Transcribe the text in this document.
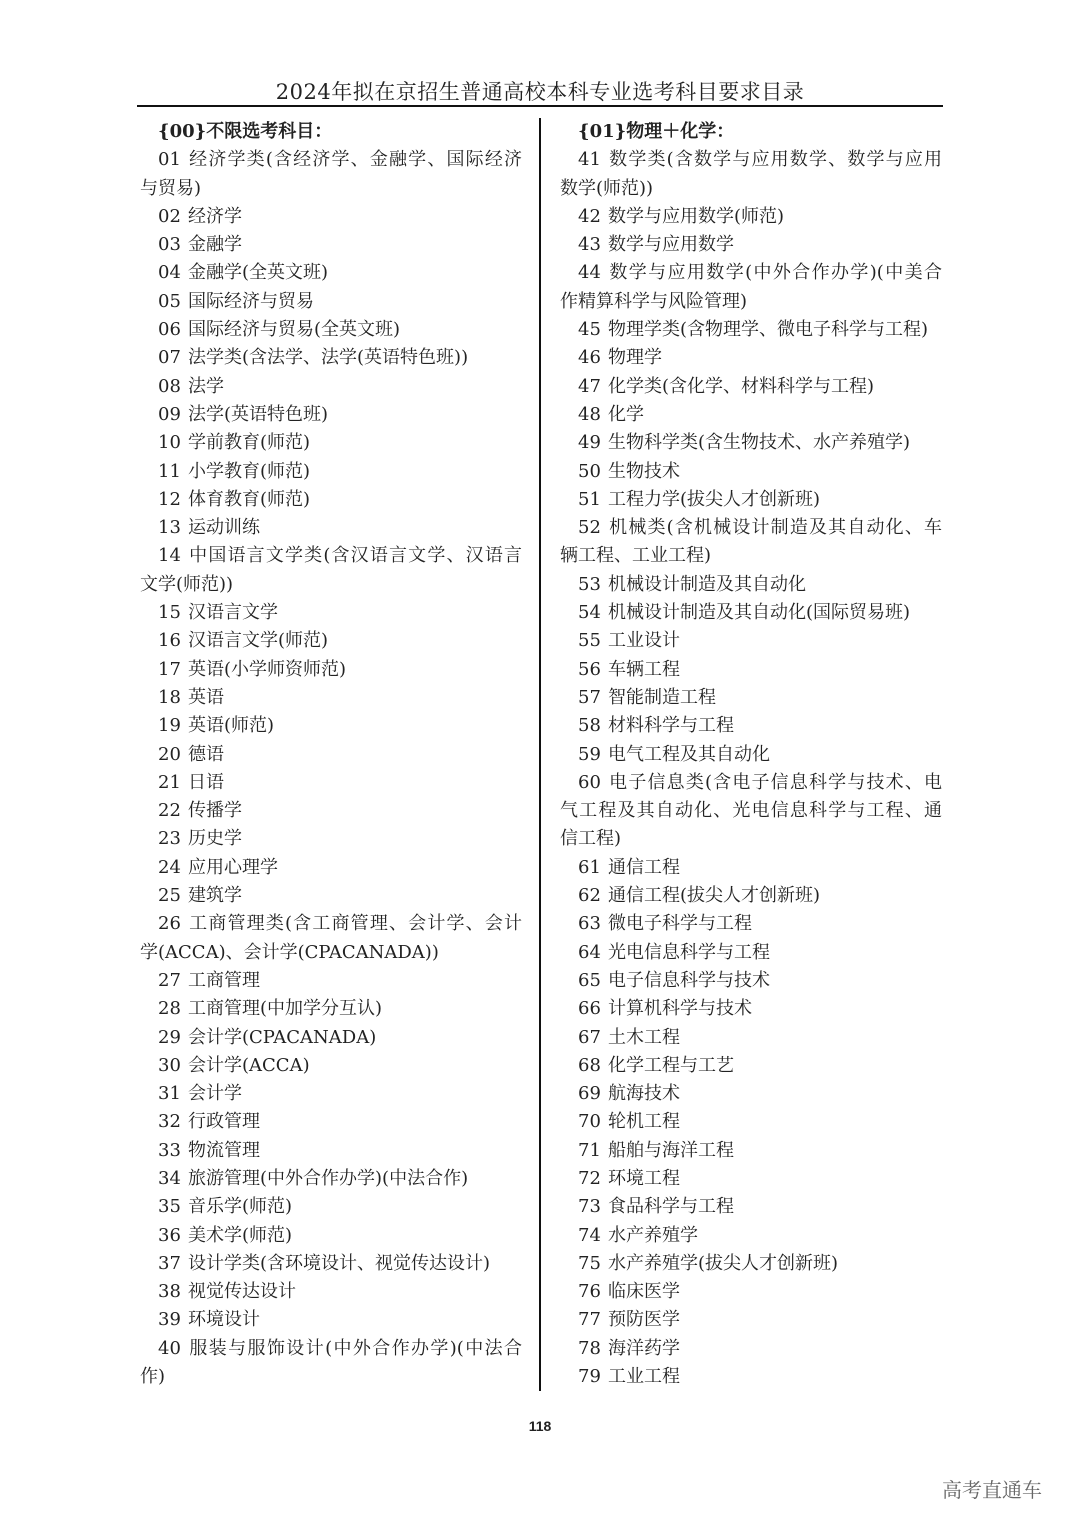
2024年拟在京招生普通高校本科专业选考科目要求目录
{00}不限选考科目：
01 经济学类(含经济学、金融学、国际经济
与贸易)
02 经济学
03 金融学
04 金融学(全英文班)
05 国际经济与贸易
06 国际经济与贸易(全英文班)
07 法学类(含法学、法学(英语特色班))
08 法学
09 法学(英语特色班)
10 学前教育(师范)
11 小学教育(师范)
12 体育教育(师范)
13 运动训练
14 中国语言文学类(含汉语言文学、汉语言
文学(师范))
15 汉语言文学
16 汉语言文学(师范)
17 英语(小学师资师范)
18 英语
19 英语(师范)
20 德语
21 日语
22 传播学
23 历史学
24 应用心理学
25 建筑学
26 工商管理类(含工商管理、会计学、会计
学(ACCA)、会计学(CPACANADA))
27 工商管理
28 工商管理(中加学分互认)
29 会计学(CPACANADA)
30 会计学(ACCA)
31 会计学
32 行政管理
33 物流管理
34 旅游管理(中外合作办学)(中法合作)
35 音乐学(师范)
36 美术学(师范)
37 设计学类(含环境设计、视觉传达设计)
38 视觉传达设计
39 环境设计
40 服装与服饰设计(中外合作办学)(中法合
作)
{01}物理＋化学：
41 数学类(含数学与应用数学、数学与应用
数学(师范))
42 数学与应用数学(师范)
43 数学与应用数学
44 数学与应用数学(中外合作办学)(中美合
作精算科学与风险管理)
45 物理学类(含物理学、微电子科学与工程)
46 物理学
47 化学类(含化学、材料科学与工程)
48 化学
49 生物科学类(含生物技术、水产养殖学)
50 生物技术
51 工程力学(拔尖人才创新班)
52 机械类(含机械设计制造及其自动化、车
辆工程、工业工程)
53 机械设计制造及其自动化
54 机械设计制造及其自动化(国际贸易班)
55 工业设计
56 车辆工程
57 智能制造工程
58 材料科学与工程
59 电气工程及其自动化
60 电子信息类(含电子信息科学与技术、电
气工程及其自动化、光电信息科学与工程、通
信工程)
61 通信工程
62 通信工程(拔尖人才创新班)
63 微电子科学与工程
64 光电信息科学与工程
65 电子信息科学与技术
66 计算机科学与技术
67 土木工程
68 化学工程与工艺
69 航海技术
70 轮机工程
71 船舶与海洋工程
72 环境工程
73 食品科学与工程
74 水产养殖学
75 水产养殖学(拔尖人才创新班)
76 临床医学
77 预防医学
78 海洋药学
79 工业工程
118
高考直通车
